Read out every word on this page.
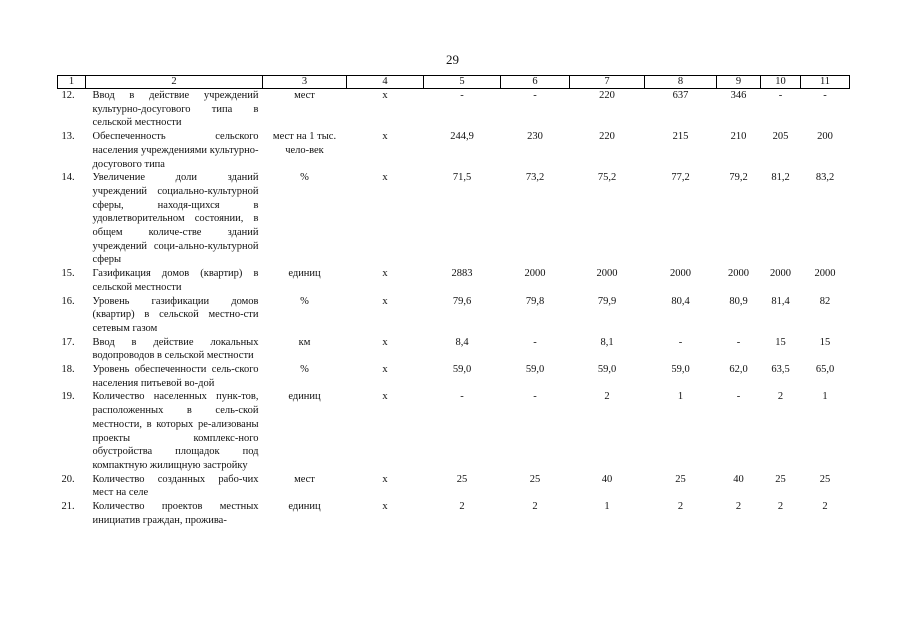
29
1	2	3	4	5	6	7	8	9	10	11
12.	Ввод в действие учреждений культурно-досугового типа в сельской местности	мест	х	-	-	220	637	346	-	-
13.	Обеспеченность сельского населения учреждениями культурно-досугового типа	мест на 1 тыс. чело-век	х	244,9	230	220	215	210	205	200
14.	Увеличение доли зданий учреждений социально-культурной сферы, находя-щихся в удовлетворительном состоянии, в общем количе-стве зданий учреждений соци-ально-культурной сферы	%	х	71,5	73,2	75,2	77,2	79,2	81,2	83,2
15.	Газификация домов (квартир) в сельской местности	единиц	х	2883	2000	2000	2000	2000	2000	2000
16.	Уровень газификации домов (квартир) в сельской местно-сти сетевым газом	%	х	79,6	79,8	79,9	80,4	80,9	81,4	82
17.	Ввод в действие локальных водопроводов в сельской местности	км	х	8,4	-	8,1	-	-	15	15
18.	Уровень обеспеченности сель-ского населения питьевой во-дой	%	х	59,0	59,0	59,0	59,0	62,0	63,5	65,0
19.	Количество населенных пунк-тов, расположенных в сель-ской местности, в которых ре-ализованы проекты комплекс-ного обустройства площадок под компактную жилищную застройку	единиц	х	-	-	2	1	-	2	1
20.	Количество созданных рабо-чих мест на селе	мест	х	25	25	40	25	40	25	25
21.	Количество проектов местных инициатив граждан, прожива-	единиц	х	2	2	1	2	2	2	2
